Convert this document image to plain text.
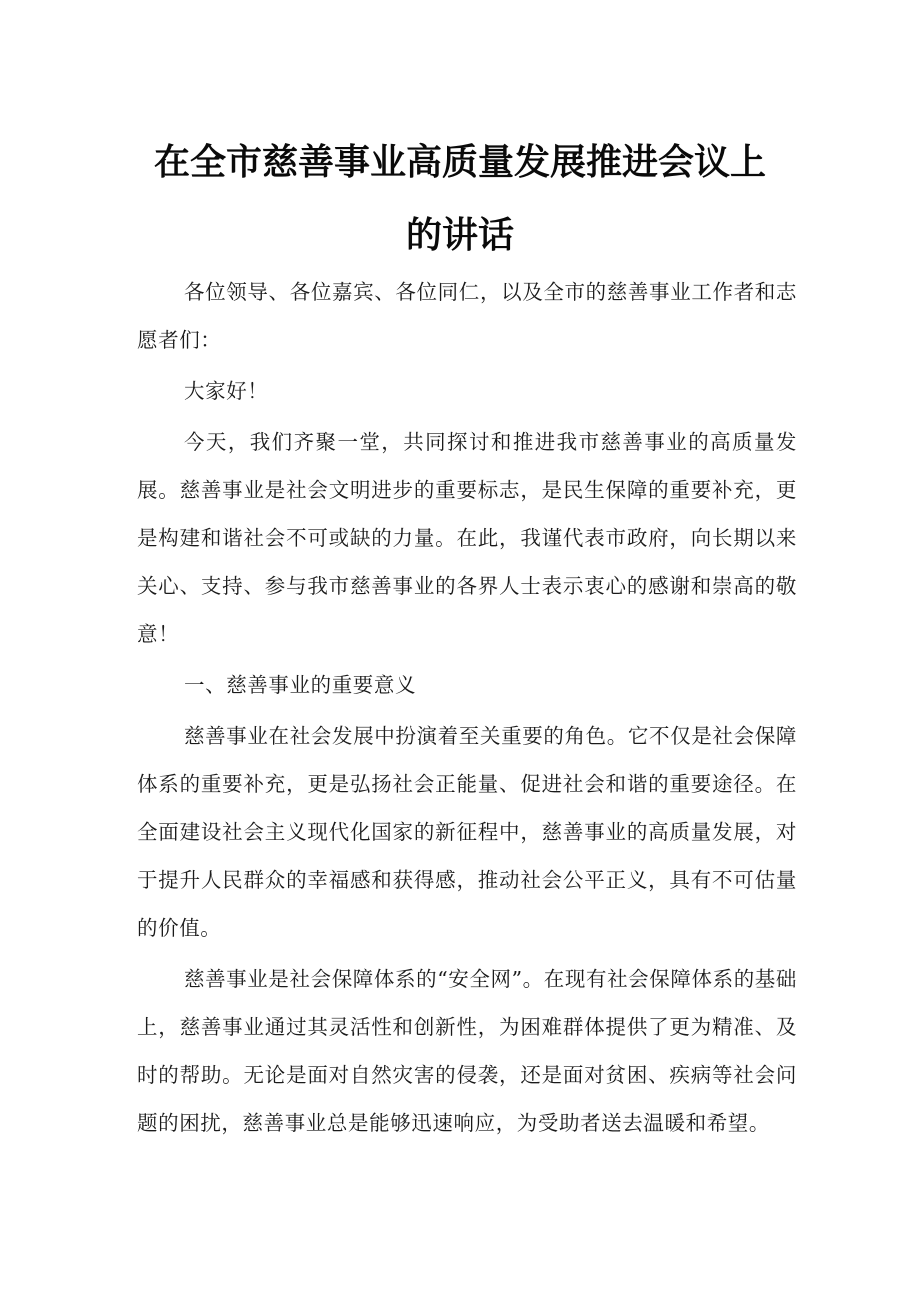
在全市慈善事业高质量发展推进会议上
的讲话

各位领导、各位嘉宾、各位同仁，以及全市的慈善事业工作者和志愿者们：

大家好！

今天，我们齐聚一堂，共同探讨和推进我市慈善事业的高质量发展。慈善事业是社会文明进步的重要标志，是民生保障的重要补充，更是构建和谐社会不可或缺的力量。在此，我谨代表市政府，向长期以来关心、支持、参与我市慈善事业的各界人士表示衷心的感谢和崇高的敬意！

一、慈善事业的重要意义

慈善事业在社会发展中扮演着至关重要的角色。它不仅是社会保障体系的重要补充，更是弘扬社会正能量、促进社会和谐的重要途径。在全面建设社会主义现代化国家的新征程中，慈善事业的高质量发展，对于提升人民群众的幸福感和获得感，推动社会公平正义，具有不可估量的价值。

慈善事业是社会保障体系的“安全网”。在现有社会保障体系的基础上，慈善事业通过其灵活性和创新性，为困难群体提供了更为精准、及时的帮助。无论是面对自然灾害的侵袭，还是面对贫困、疾病等社会问题的困扰，慈善事业总是能够迅速响应，为受助者送去温暖和希望。
